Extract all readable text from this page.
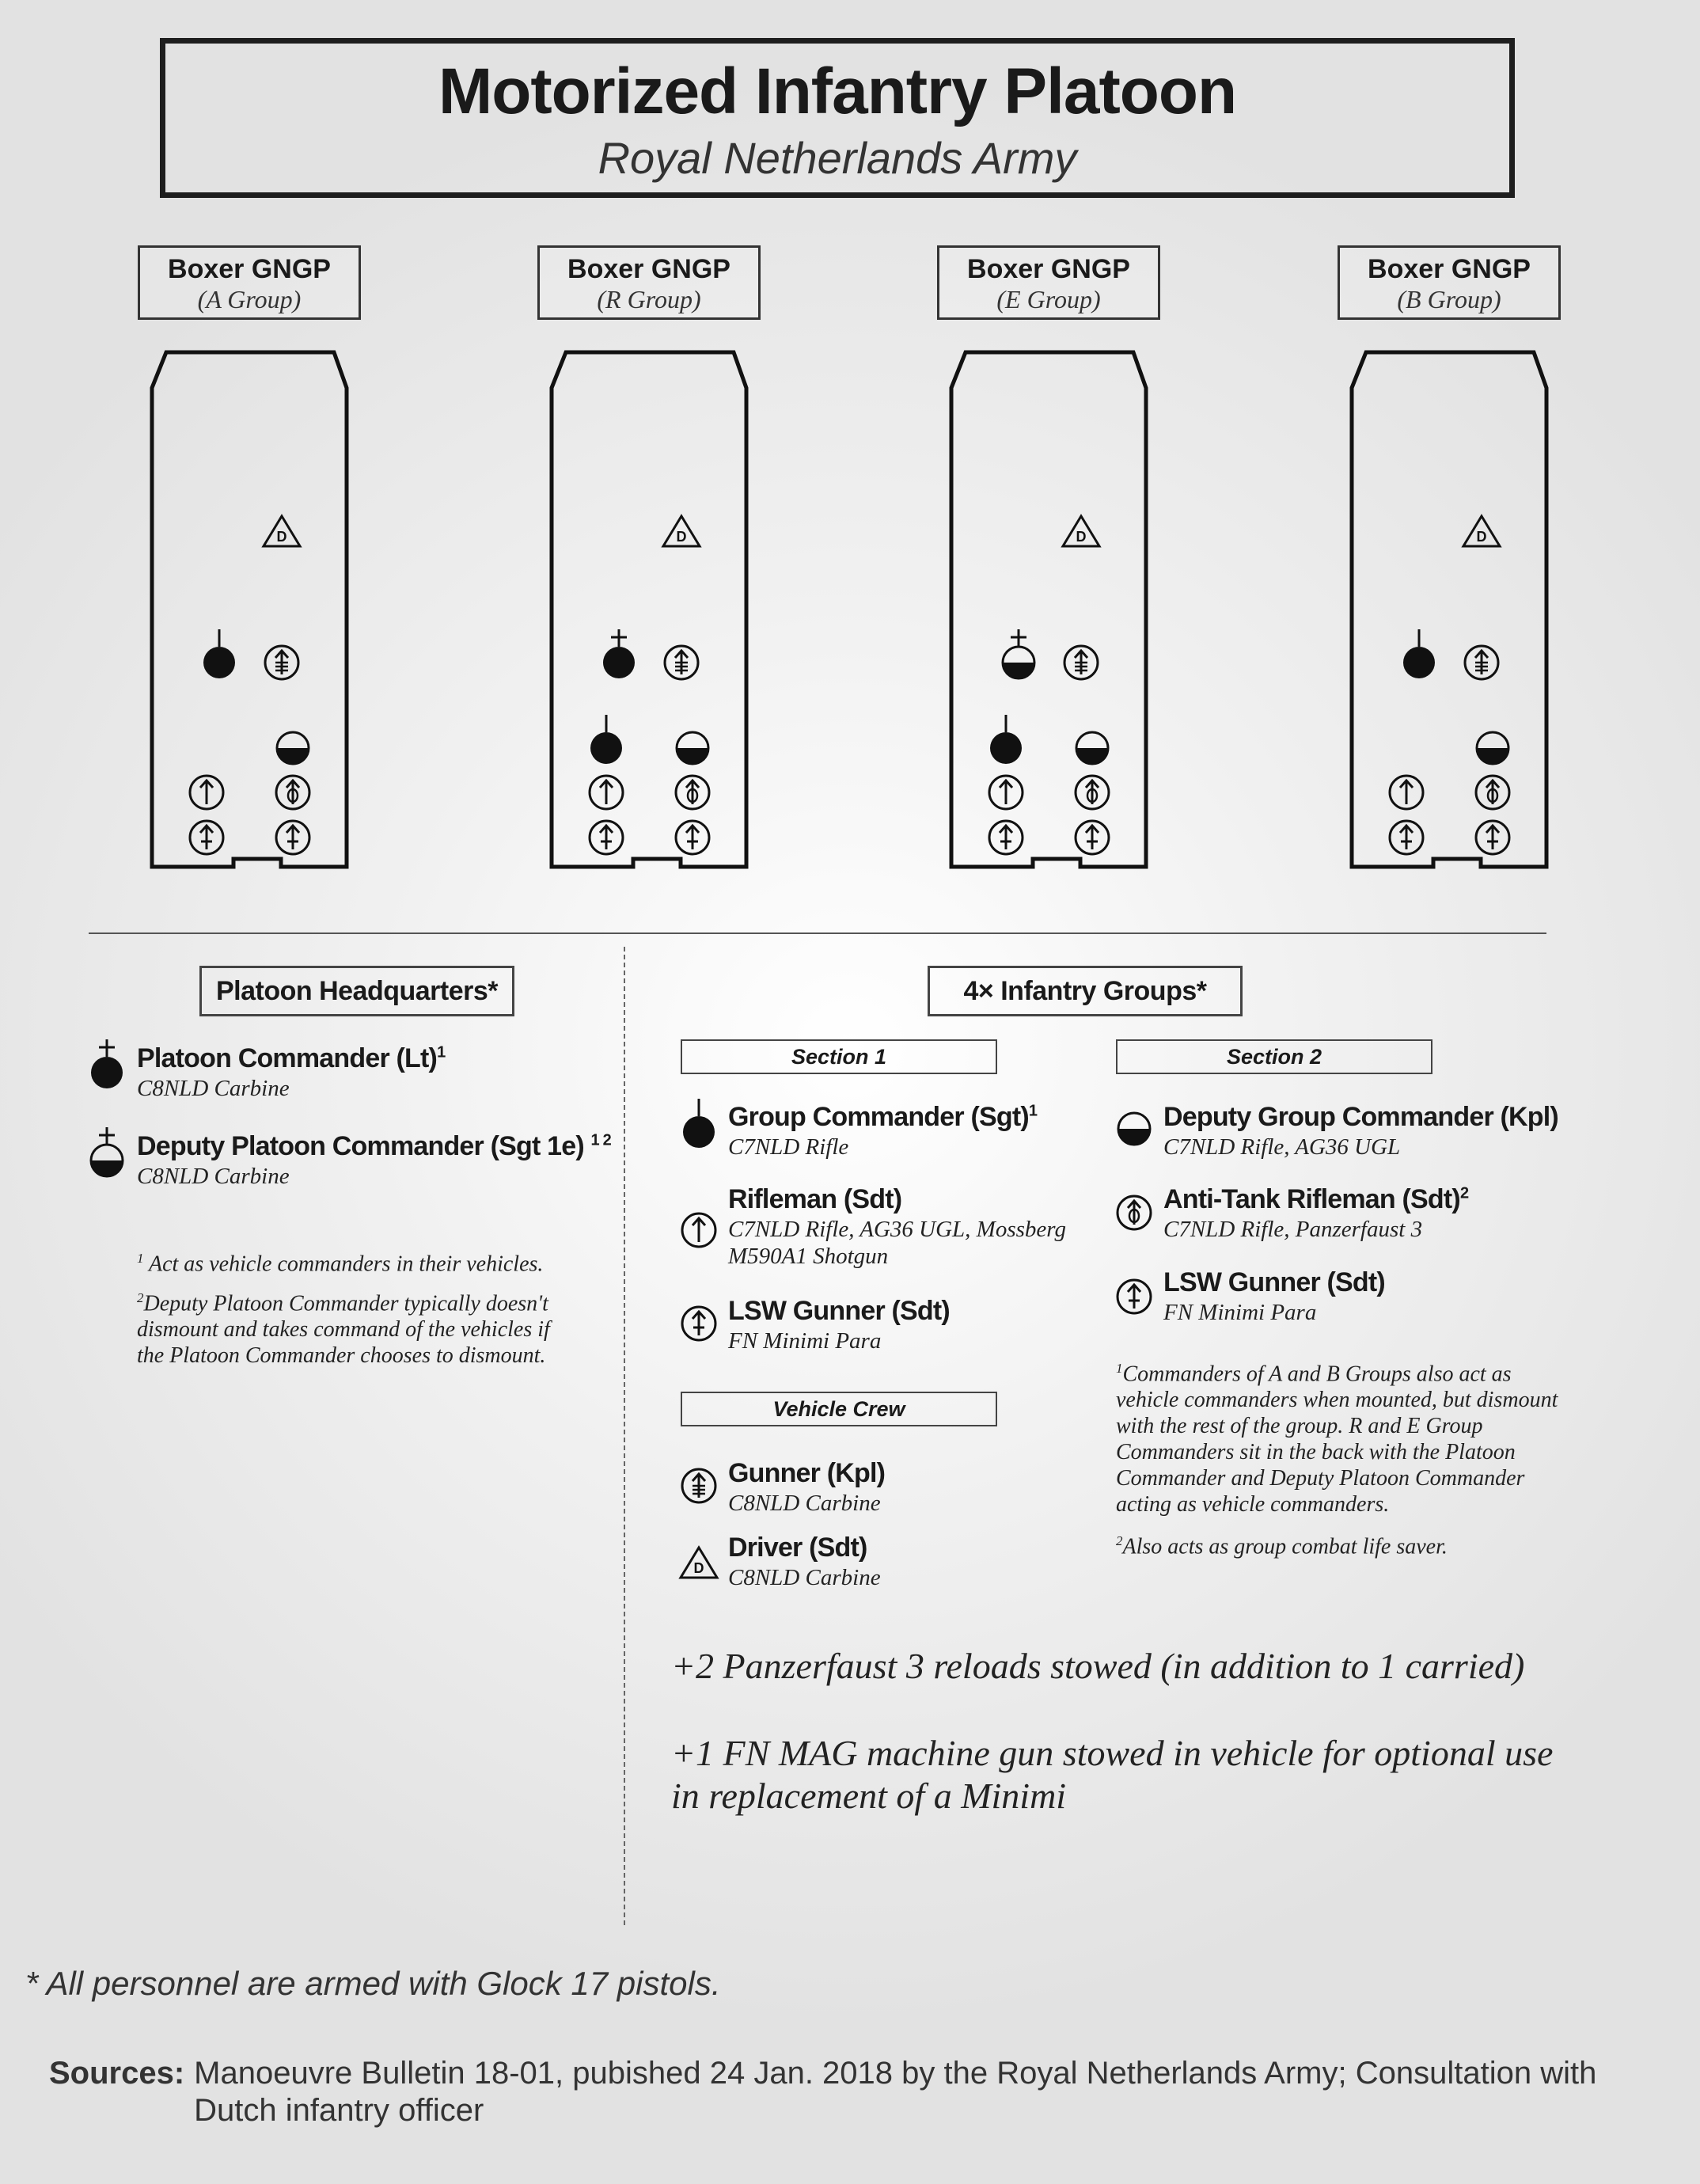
Motorized Infantry Platoon
Royal Netherlands Army
Boxer GNGP
(A Group)
Boxer GNGP
(R Group)
Boxer GNGP
(E Group)
Boxer GNGP
(B Group)
D	D	D	D
Platoon Headquarters*
Platoon Commander $(Lt)^1$
C8NLD Carbine
Deputy Platoon Commander (Sgt 1e) $^{1 2}$
C8NLD Carbine
$^1$ Act as vehicle commanders in their vehicles.
$^2$Deputy Platoon Commander typically doesn't dismount and takes command of the vehicles if the Platoon Commander chooses to dismount.
4× Infantry Groups*
Section 1	Section 2
Group Commander (Sgt)$^1$
C7NLD Rifle
Rifleman (Sdt)
C7NLD Rifle, AG36 UGL, Mossberg M590A1 Shotgun
LSW Gunner (Sdt)
FN Minimi Para
Vehicle Crew
Gunner (Kpl)
C8NLD Carbine
D
Driver (Sdt)
C8NLD Carbine
Deputy Group Commander (Kpl)
C7NLD Rifle, AG36 UGL
Anti-Tank Rifleman (Sdt)$^2$
C7NLD Rifle, Panzerfaust 3
LSW Gunner (Sdt)
FN Minimi Para
$^1$Commanders of A and B Groups also act as vehicle commanders when mounted, but dismount with the rest of the group. R and E Group Commanders sit in the back with the Platoon Commander and Deputy Platoon Commander acting as vehicle commanders.
$^2$Also acts as group combat life saver.
+2 Panzerfaust 3 reloads stowed (in addition to 1 carried)
+1 FN MAG machine gun stowed in vehicle for optional use in replacement of a Minimi
* All personnel are armed with Glock 17 pistols.
Sources: Manoeuvre Bulletin 18-01, pubished 24 Jan. 2018 by the Royal Netherlands Army; Consultation with Dutch infantry officer
